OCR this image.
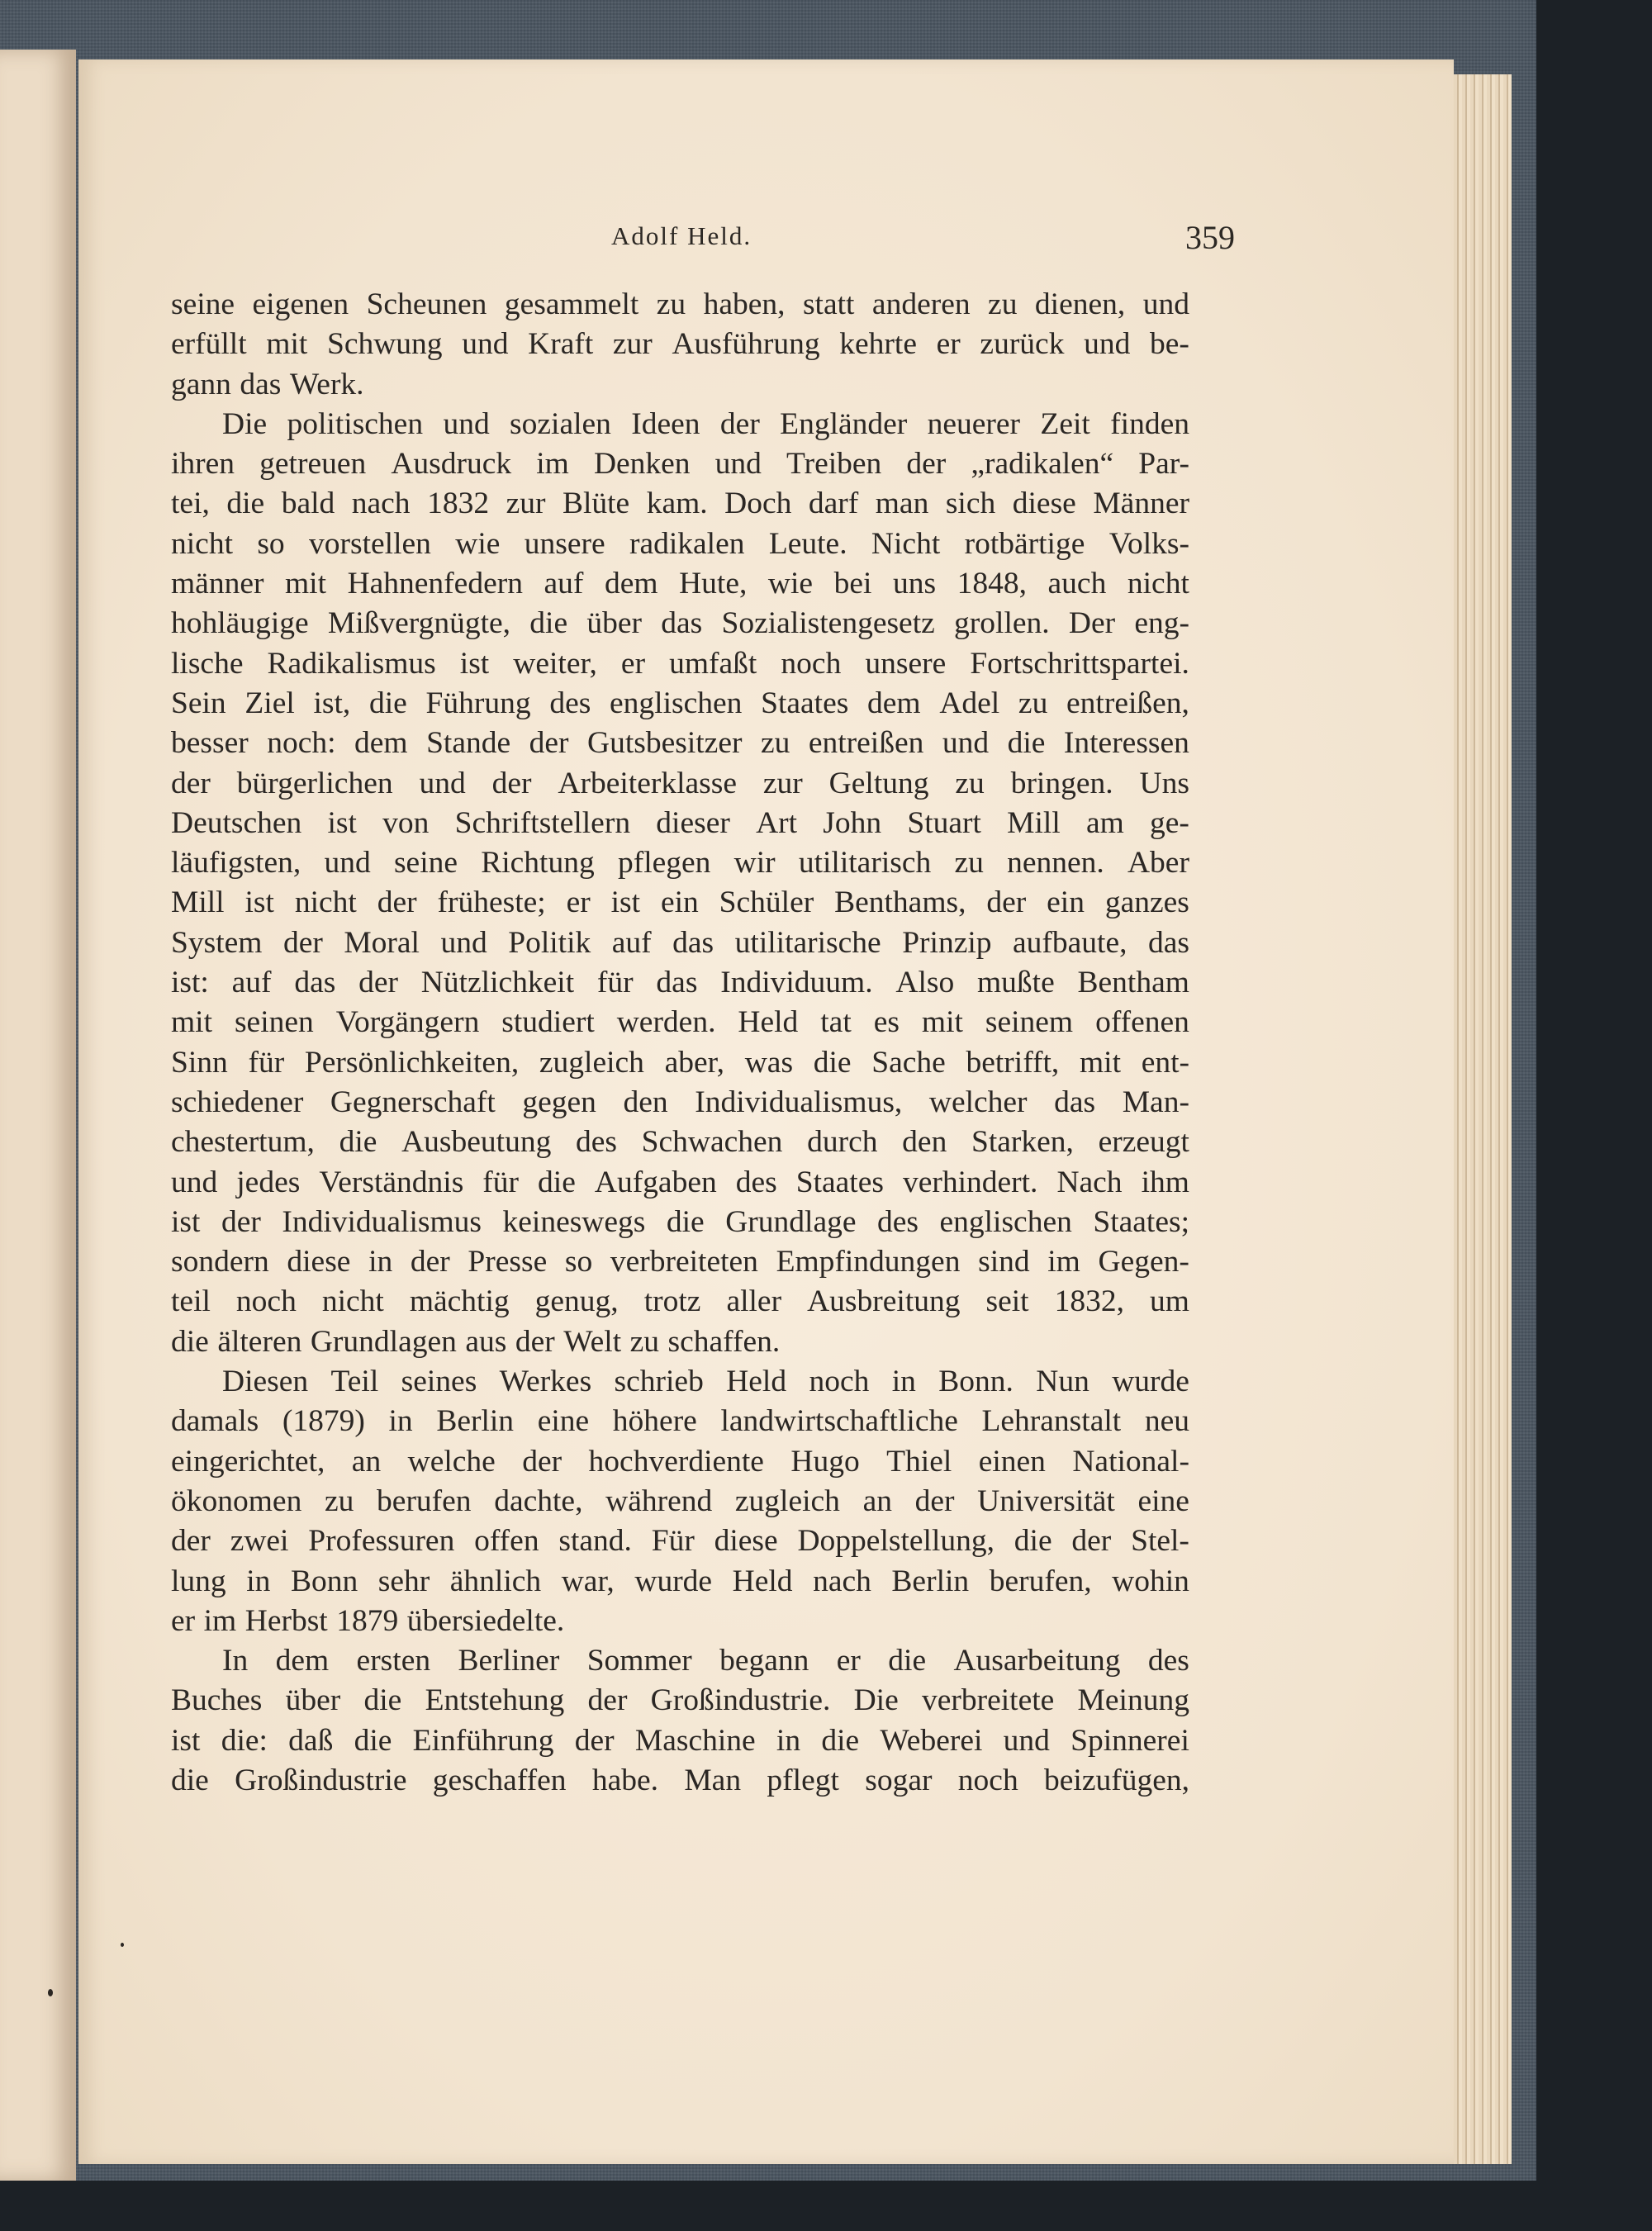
Adolf Held.	359
seine eigenen Scheunen gesammelt zu haben, statt anderen zu dienen, und
erfüllt mit Schwung und Kraft zur Ausführung kehrte er zurück und be-
gann das Werk.
Die politischen und sozialen Ideen der Engländer neuerer Zeit finden
ihren getreuen Ausdruck im Denken und Treiben der „radikalen“ Par-
tei, die bald nach 1832 zur Blüte kam. Doch darf man sich diese Männer
nicht so vorstellen wie unsere radikalen Leute. Nicht rotbärtige Volks-
männer mit Hahnenfedern auf dem Hute, wie bei uns 1848, auch nicht
hohläugige Mißvergnügte, die über das Sozialistengesetz grollen. Der eng-
lische Radikalismus ist weiter, er umfaßt noch unsere Fortschrittspartei.
Sein Ziel ist, die Führung des englischen Staates dem Adel zu entreißen,
besser noch: dem Stande der Gutsbesitzer zu entreißen und die Interessen
der bürgerlichen und der Arbeiterklasse zur Geltung zu bringen. Uns
Deutschen ist von Schriftstellern dieser Art John Stuart Mill am ge-
läufigsten, und seine Richtung pflegen wir utilitarisch zu nennen. Aber
Mill ist nicht der früheste; er ist ein Schüler Benthams, der ein ganzes
System der Moral und Politik auf das utilitarische Prinzip aufbaute, das
ist: auf das der Nützlichkeit für das Individuum. Also mußte Bentham
mit seinen Vorgängern studiert werden. Held tat es mit seinem offenen
Sinn für Persönlichkeiten, zugleich aber, was die Sache betrifft, mit ent-
schiedener Gegnerschaft gegen den Individualismus, welcher das Man-
chestertum, die Ausbeutung des Schwachen durch den Starken, erzeugt
und jedes Verständnis für die Aufgaben des Staates verhindert. Nach ihm
ist der Individualismus keineswegs die Grundlage des englischen Staates;
sondern diese in der Presse so verbreiteten Empfindungen sind im Gegen-
teil noch nicht mächtig genug, trotz aller Ausbreitung seit 1832, um
die älteren Grundlagen aus der Welt zu schaffen.
Diesen Teil seines Werkes schrieb Held noch in Bonn. Nun wurde
damals (1879) in Berlin eine höhere landwirtschaftliche Lehranstalt neu
eingerichtet, an welche der hochverdiente Hugo Thiel einen National-
ökonomen zu berufen dachte, während zugleich an der Universität eine
der zwei Professuren offen stand. Für diese Doppelstellung, die der Stel-
lung in Bonn sehr ähnlich war, wurde Held nach Berlin berufen, wohin
er im Herbst 1879 übersiedelte.
In dem ersten Berliner Sommer begann er die Ausarbeitung des
Buches über die Entstehung der Großindustrie. Die verbreitete Meinung
ist die: daß die Einführung der Maschine in die Weberei und Spinnerei
die Großindustrie geschaffen habe. Man pflegt sogar noch beizufügen,
